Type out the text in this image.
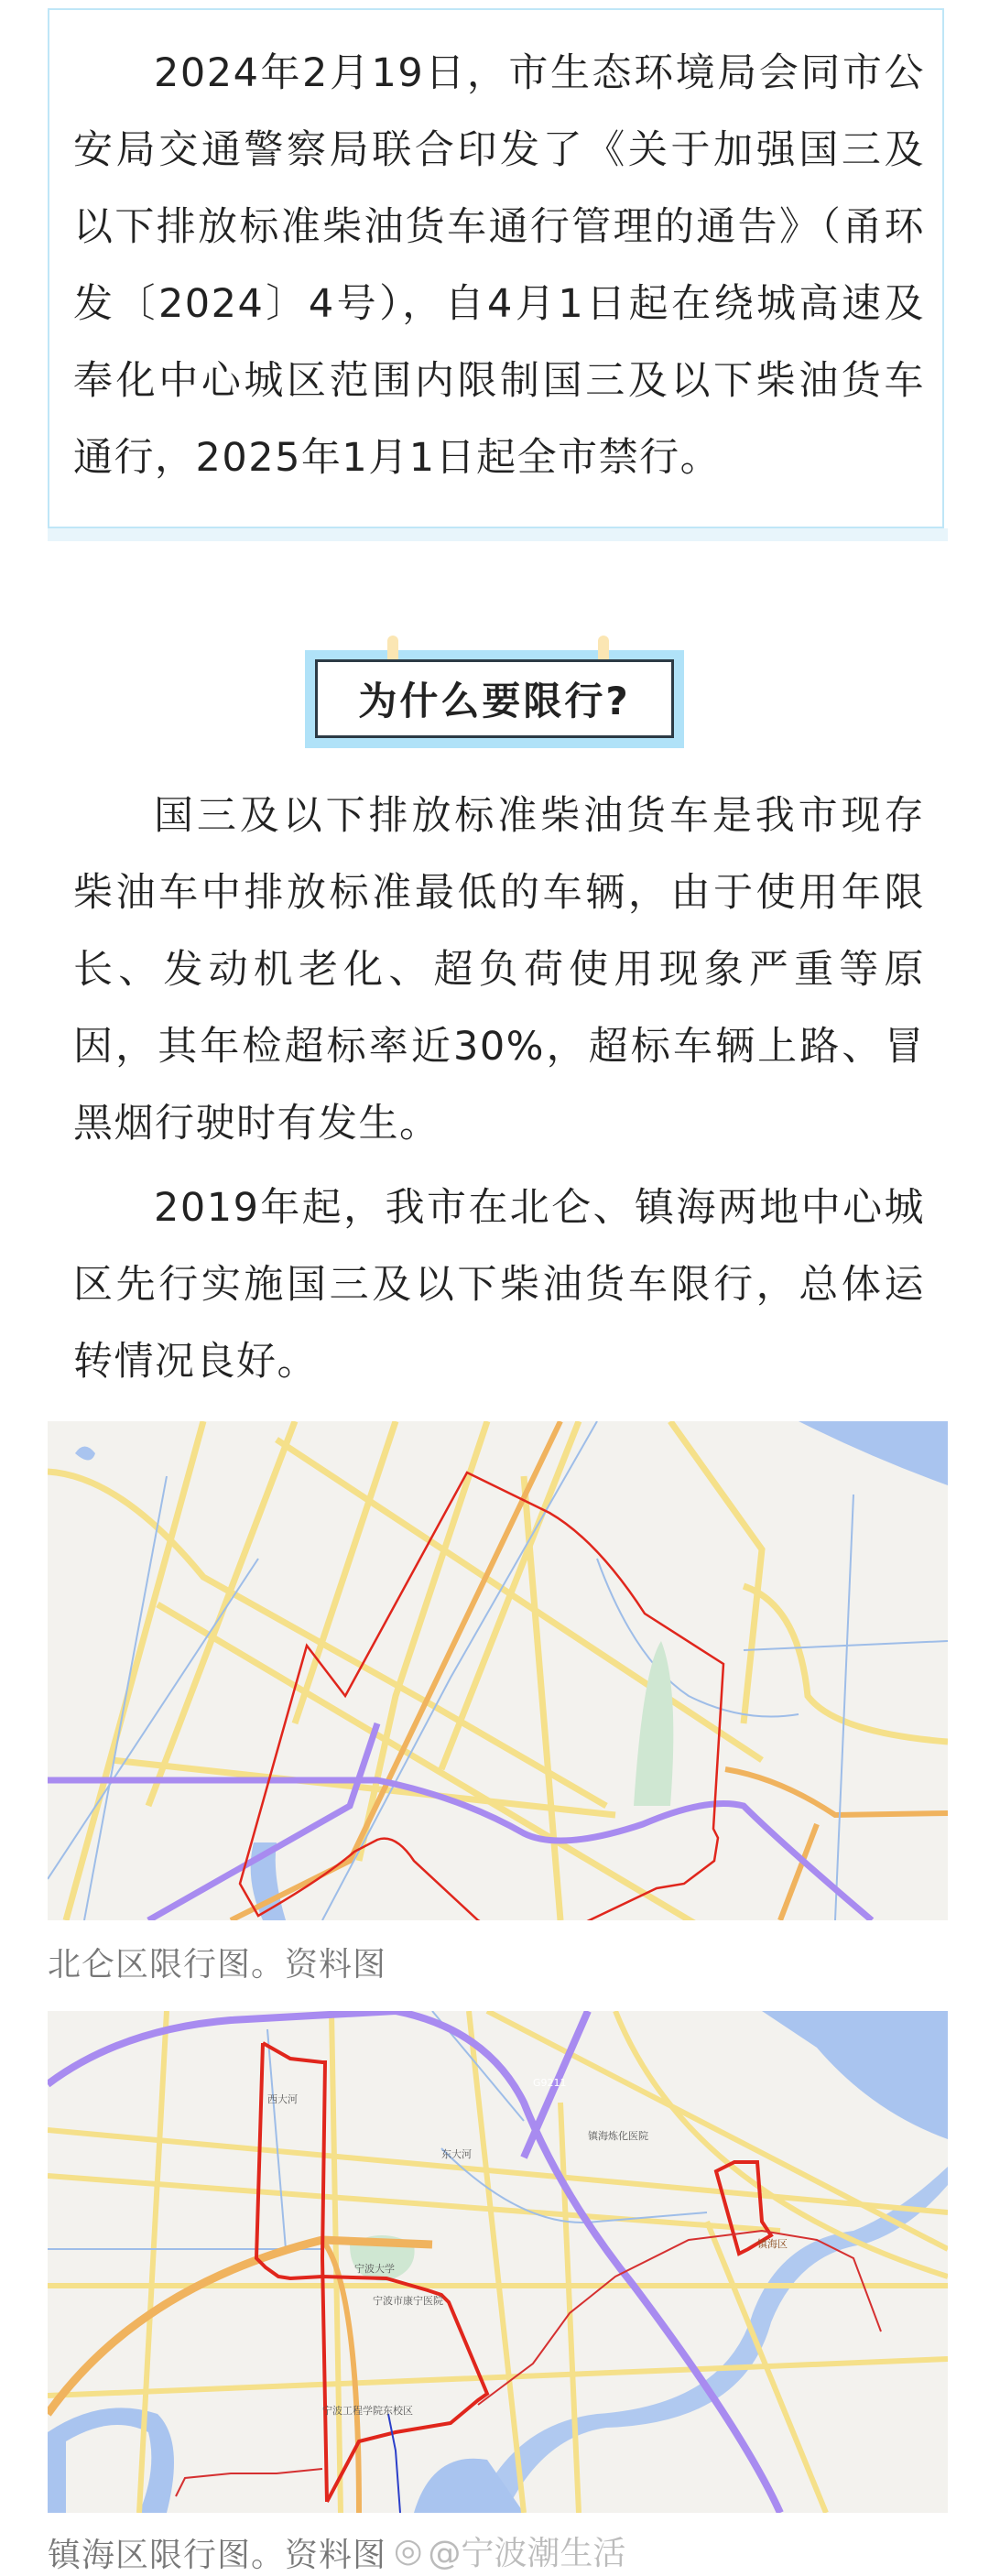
2024年2月19日，市生态环境局会同市公安局交通警察局联合印发了《关于加强国三及以下排放标准柴油货车通行管理的通告》（甬环发〔2024〕4号），自4月1日起在绕城高速及奉化中心城区范围内限制国三及以下柴油货车通行，2025年1月1日起全市禁行。

为什么要限行?

国三及以下排放标准柴油货车是我市现存柴油车中排放标准最低的车辆，由于使用年限长、发动机老化、超负荷使用现象严重等原因，其年检超标率近30%，超标车辆上路、冒黑烟行驶时有发生。

2019年起，我市在北仑、镇海两地中心城区先行实施国三及以下柴油货车限行，总体运转情况良好。

北仑区限行图。资料图
西大河
东大河
宁波大学
镇海区
宁波市康宁医院
宁波工程学院东校区
镇海炼化医院
G9211
镇海区限行图。资料图 ◎ @宁波潮生活
